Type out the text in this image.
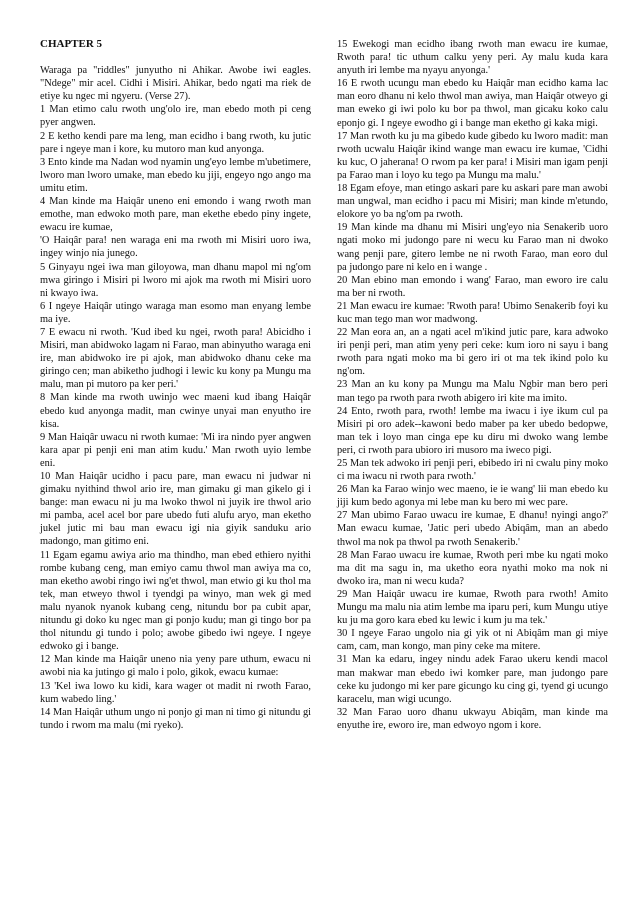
CHAPTER 5

Waraga pa "riddles" junyutho ni Ahikar. Awobe iwi eagles. "Ndege" mir acel. Cidhi i Misiri. Ahikar, bedo ngati ma riek de etiye ku ngec mi ngyeru. (Verse 27).

1 Man etimo calu rwoth ung'olo ire, man ebedo moth pi ceng pyer angwen.

2 E ketho kendi pare ma leng, man ecidho i bang rwoth, ku jutic pare i ngeye man i kore, ku mutoro man kud anyonga.

3 Ento kinde ma Nadan wod nyamin ung'eyo lembe m'ubetimere, lworo man lworo umake, man ebedo ku jiji, engeyo ngo ango ma umitu etim.

4 Man kinde ma Haiqâr uneno eni emondo i wang rwoth man emothe, man edwoko moth pare, man ekethe ebedo piny ingete, ewacu ire kumae,

'O Haiqâr para! nen waraga eni ma rwoth mi Misiri uoro iwa, ingey winjo nia junego.

5 Ginyayu ngei iwa man giloyowa, man dhanu mapol mi ng'om mwa giringo i Misiri pi lworo mi ajok ma rwoth mi Misiri uoro ni kwayo iwa.

6 I ngeye Haiqâr utingo waraga man esomo man enyang lembe ma iye.

7 E ewacu ni rwoth. 'Kud ibed ku ngei, rwoth para! Abicidho i Misiri, man abidwoko lagam ni Farao, man abinyutho waraga eni ire, man abidwoko ire pi ajok, man abidwoko dhanu ceke ma giringo cen; man abiketho judhogi i lewic ku kony pa Mungu ma malu, man pi mutoro pa ker peri.'

8 Man kinde ma rwoth uwinjo wec maeni kud ibang Haiqâr ebedo kud anyonga madit, man cwinye unyai man enyutho ire kisa.

9 Man Haiqâr uwacu ni rwoth kumae: 'Mi ira nindo pyer angwen kara apar pi penji eni man atim kudu.' Man rwoth uyio lembe eni.

10 Man Haiqâr ucidho i pacu pare, man ewacu ni judwar ni gimaku nyithind thwol ario ire, man gimaku gi man gikelo gi i bange: man ewacu ni ju ma lwoko thwol ni juyik ire thwol ario mi pamba, acel acel bor pare ubedo futi alufu aryo, man eketho jukel jutic mi bau man ewacu igi nia giyik sanduku ario madongo, man gitimo eni.

11 Egam egamu awiya ario ma thindho, man ebed ethiero nyithi rombe kubang ceng, man emiyo camu thwol man awiya ma co, man eketho awobi ringo iwi ng'et thwol, man etwio gi ku thol ma tek, man etweyo thwol i tyendgi pa winyo, man wek gi med malu nyanok nyanok kubang ceng, nitundu bor pa cubit apar, nitundu gi doko ku ngec man gi ponjo kudu; man gi tingo bor pa thol nitundu gi tundo i polo; awobe gibedo iwi ngeye. I ngeye edwoko gi i bange.

12 Man kinde ma Haiqâr uneno nia yeny pare uthum, ewacu ni awobi nia ka jutingo gi malo i polo, gikok, ewacu kumae:

13 'Kel iwa lowo ku kidi, kara wager ot madit ni rwoth Farao, kum wabedo ling.'

14 Man Haiqâr uthum ungo ni ponjo gi man ni timo gi nitundu gi tundo i rwom ma malu (mi ryeko).

15 Ewekogi man ecidho ibang rwoth man ewacu ire kumae, Rwoth para! tic uthum calku yeny peri. Ay malu kuda kara anyuth iri lembe ma nyayu anyonga.'

16 E rwoth ucungu man ebedo ku Haiqâr man ecidho kama lac man eoro dhanu ni kelo thwol man awiya, man Haiqâr otweyo gi man eweko gi iwi polo ku bor pa thwol, man gicaku koko calu eponjo gi. I ngeye ewodho gi i bange man eketho gi kaka migi.

17 Man rwoth ku ju ma gibedo kude gibedo ku lworo madit: man rwoth ucwalu Haiqâr ikind wange man ewacu ire kumae, 'Cidhi ku kuc, O jaherana! O rwom pa ker para! i Misiri man igam penji pa Farao man i loyo ku tego pa Mungu ma malu.'

18 Egam efoye, man etingo askari pare ku askari pare man awobi man ungwal, man ecidho i pacu mi Misiri; man kinde m'etundo, elokore yo ba ng'om pa rwoth.

19 Man kinde ma dhanu mi Misiri ung'eyo nia Senakerib uoro ngati moko mi judongo pare ni wecu ku Farao man ni dwoko wang penji pare, gitero lembe ne ni rwoth Farao, man eoro dul pa judongo pare ni kelo en i wange .

20 Man ebino man emondo i wang' Farao, man eworo ire calu ma ber ni rwoth.

21 Man ewacu ire kumae: 'Rwoth para! Ubimo Senakerib foyi ku kuc man tego man wor madwong.

22 Man eora an, an a ngati acel m'ikind jutic pare, kara adwoko iri penji peri, man atim yeny peri ceke: kum ioro ni sayu i bang rwoth para ngati moko ma bi gero iri ot ma tek ikind polo ku ng'om.

23 Man an ku kony pa Mungu ma Malu Ngbir man bero peri man tego pa rwoth para rwoth abigero iri kite ma imito.

24 Ento, rwoth para, rwoth! lembe ma iwacu i iye ikum cul pa Misiri pi oro adek--kawoni bedo maber pa ker ubedo bedopwe, man tek i loyo man cinga epe ku diru mi dwoko wang lembe peri, ci rwoth para ubioro iri musoro ma iweco pigi.

25 Man tek adwoko iri penji peri, ebibedo iri ni cwalu piny moko ci ma iwacu ni rwoth para rwoth.'

26 Man ka Farao winjo wec maeno, ie ie wang' lii man ebedo ku jiji kum bedo agonya mi lebe man ku bero mi wec pare.

27 Man ubimo Farao uwacu ire kumae, E dhanu! nyingi ango?' Man ewacu kumae, 'Jatic peri ubedo Abiqâm, man an abedo thwol ma nok pa thwol pa rwoth Senakerib.'

28 Man Farao uwacu ire kumae, Rwoth peri mbe ku ngati moko ma dit ma sagu in, ma uketho eora nyathi moko ma nok ni dwoko ira, man ni wecu kuda?

29 Man Haiqâr uwacu ire kumae, Rwoth para rwoth! Amito Mungu ma malu nia atim lembe ma iparu peri, kum Mungu utiye ku ju ma goro kara ebed ku lewic i kum ju ma tek.'

30 I ngeye Farao ungolo nia gi yik ot ni Abiqâm man gi miye cam, cam, man kongo, man piny ceke ma mitere.

31 Man ka edaru, ingey nindu adek Farao ukeru kendi macol man makwar man ebedo iwi komker pare, man judongo pare ceke ku judongo mi ker pare gicungo ku cing gi, tyend gi ucungo karacelu, man wigi ucungo.

32 Man Farao uoro dhanu ukwayu Abiqâm, man kinde ma enyuthe ire, eworo ire, man edwoyo ngom i kore.
